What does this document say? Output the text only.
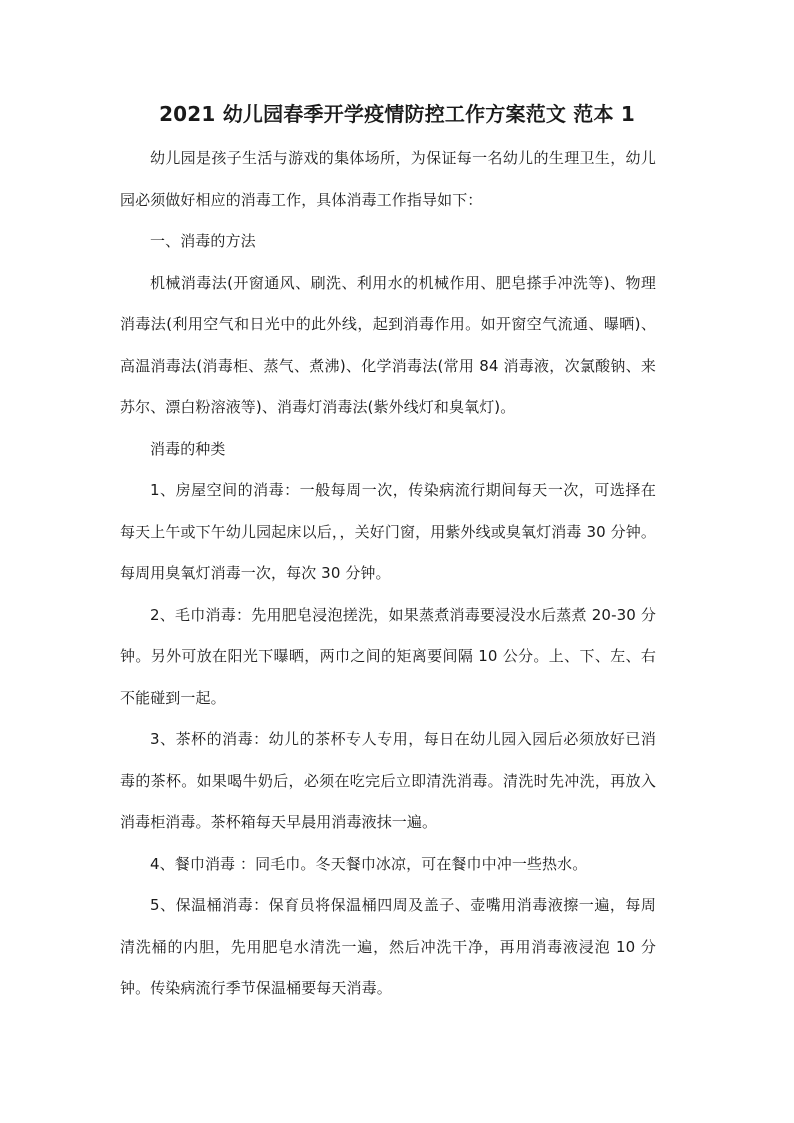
2021 幼儿园春季开学疫情防控工作方案范文 范本 1

幼儿园是孩子生活与游戏的集体场所，为保证每一名幼儿的生理卫生，幼儿园必须做好相应的消毒工作，具体消毒工作指导如下：

一、消毒的方法

机械消毒法(开窗通风、刷洗、利用水的机械作用、肥皂搽手冲洗等)、物理消毒法(利用空气和日光中的此外线，起到消毒作用。如开窗空气流通、曝晒)、高温消毒法(消毒柜、蒸气、煮沸)、化学消毒法(常用 84 消毒液，次氯酸钠、来苏尔、漂白粉溶液等)、消毒灯消毒法(紫外线灯和臭氧灯)。

消毒的种类

1、房屋空间的消毒：一般每周一次，传染病流行期间每天一次，可选择在每天上午或下午幼儿园起床以后，，关好门窗，用紫外线或臭氧灯消毒 30 分钟。每周用臭氧灯消毒一次，每次 30 分钟。

2、毛巾消毒：先用肥皂浸泡搓洗，如果蒸煮消毒要浸没水后蒸煮 20-30 分钟。另外可放在阳光下曝晒，两巾之间的矩离要间隔 10 公分。上、下、左、右不能碰到一起。

3、茶杯的消毒：幼儿的茶杯专人专用，每日在幼儿园入园后必须放好已消毒的茶杯。如果喝牛奶后，必须在吃完后立即清洗消毒。清洗时先冲洗，再放入消毒柜消毒。茶杯箱每天早晨用消毒液抹一遍。

4、餐巾消毒 ：同毛巾。冬天餐巾冰凉，可在餐巾中冲一些热水。

5、保温桶消毒：保育员将保温桶四周及盖子、壶嘴用消毒液擦一遍，每周清洗桶的内胆，先用肥皂水清洗一遍，然后冲洗干净，再用消毒液浸泡 10 分钟。传染病流行季节保温桶要每天消毒。
